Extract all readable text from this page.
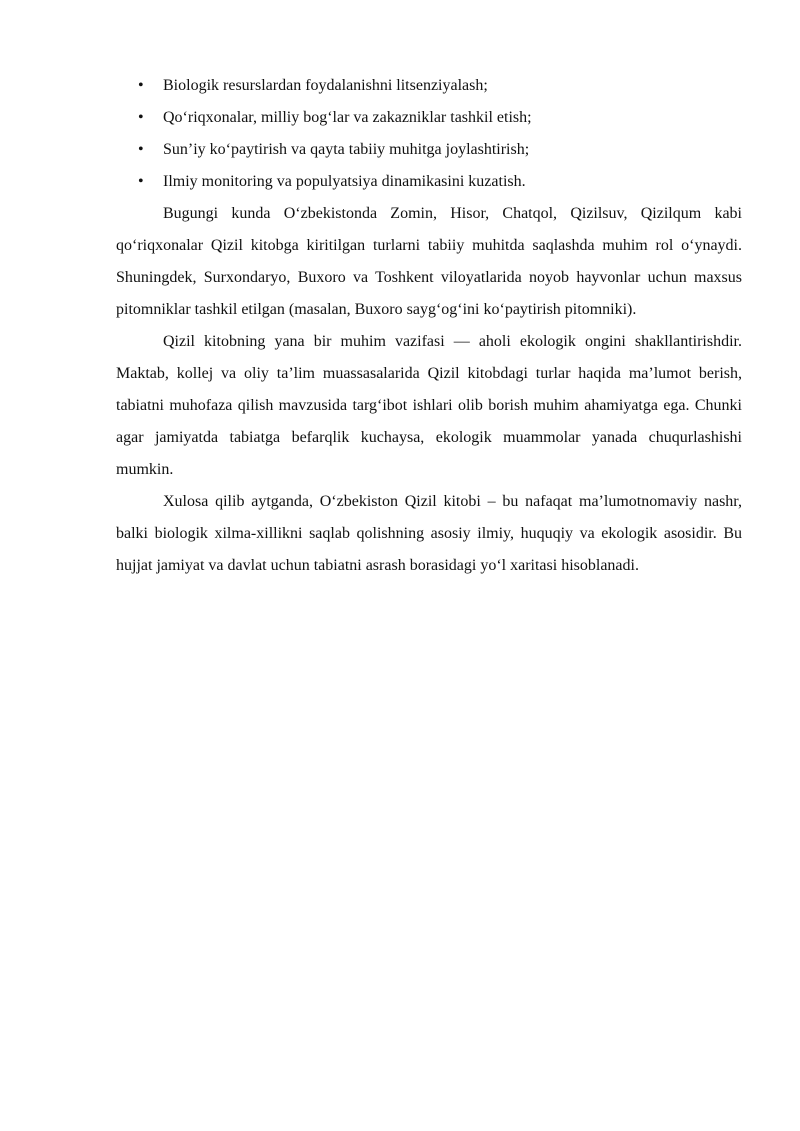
• Biologik resurslardan foydalanishni litsenziyalash;
• Qo‘riqxonalar, milliy bog‘lar va zakazniklar tashkil etish;
• Sun’iy ko‘paytirish va qayta tabiiy muhitga joylashtirish;
• Ilmiy monitoring va populyatsiya dinamikasini kuzatish.

Bugungi kunda O‘zbekistonda Zomin, Hisor, Chatqol, Qizilsuv, Qizilqum kabi qo‘riqxonalar Qizil kitobga kiritilgan turlarni tabiiy muhitda saqlashda muhim rol o‘ynaydi. Shuningdek, Surxondaryo, Buxoro va Toshkent viloyatlarida noyob hayvonlar uchun maxsus pitomniklar tashkil etilgan (masalan, Buxoro sayg‘og‘ini ko‘paytirish pitomniki).

Qizil kitobning yana bir muhim vazifasi — aholi ekologik ongini shakllantirishdir. Maktab, kollej va oliy ta’lim muassasalarida Qizil kitobdagi turlar haqida ma’lumot berish, tabiatni muhofaza qilish mavzusida targ‘ibot ishlari olib borish muhim ahamiyatga ega. Chunki agar jamiyatda tabiatga befarqlik kuchaysa, ekologik muammolar yanada chuqurlashishi mumkin.

Xulosa qilib aytganda, O‘zbekiston Qizil kitobi – bu nafaqat ma’lumotnomaviy nashr, balki biologik xilma-xillikni saqlab qolishning asosiy ilmiy, huquqiy va ekologik asosidir. Bu hujjat jamiyat va davlat uchun tabiatni asrash borasidagi yo‘l xaritasi hisoblanadi.
